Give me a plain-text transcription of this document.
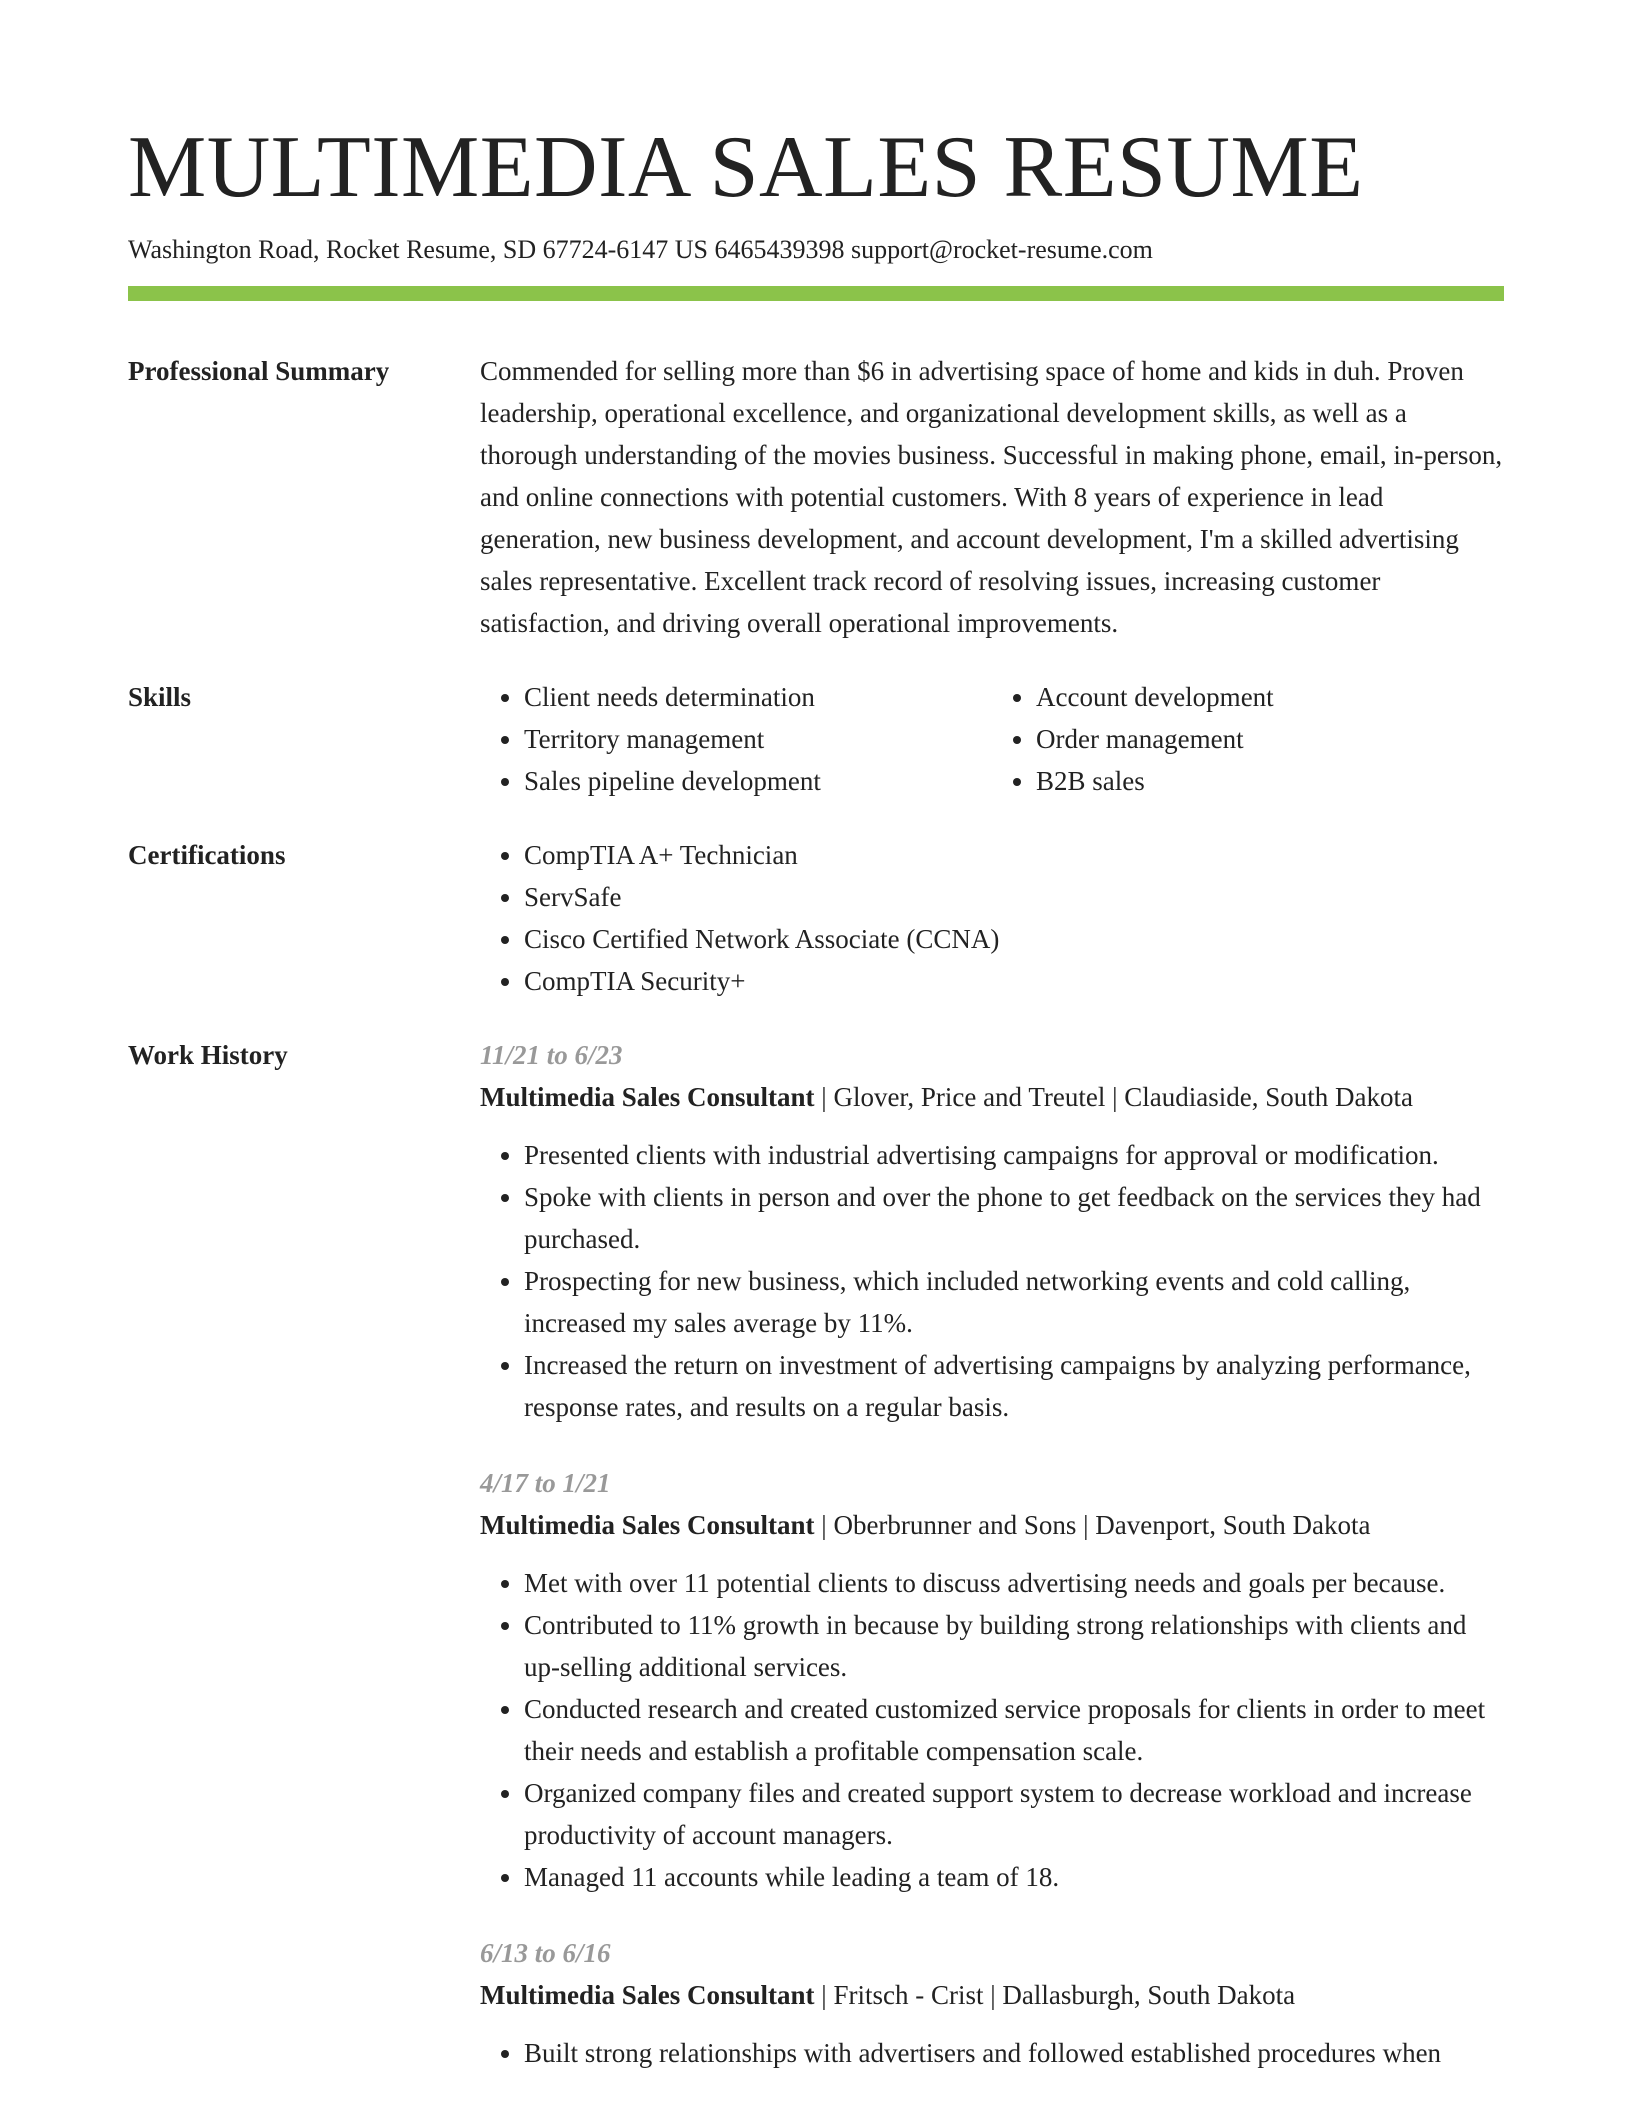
MULTIMEDIA SALES RESUME
Washington Road, Rocket Resume, SD 67724-6147 US 6465439398 support@rocket-resume.com
Professional Summary	Commended for selling more than $6 in advertising space of home and kids in duh. Proven leadership, operational excellence, and organizational development skills, as well as a thorough understanding of the movies business. Successful in making phone, email, in-person, and online connections with potential customers. With 8 years of experience in lead generation, new business development, and account development, I'm a skilled advertising sales representative. Excellent track record of resolving issues, increasing customer satisfaction, and driving overall operational improvements.

Skills	• Client needs determination
• Territory management
• Sales pipeline development
• Account development
• Order management
• B2B sales
Certifications	• CompTIA A+ Technician
• ServSafe
• Cisco Certified Network Associate (CCNA)
• CompTIA Security+
Work History	11/21 to 6/23
Multimedia Sales Consultant | Glover, Price and Treutel | Claudiaside, South Dakota
• Presented clients with industrial advertising campaigns for approval or modification.
• Spoke with clients in person and over the phone to get feedback on the services they had purchased.
• Prospecting for new business, which included networking events and cold calling, increased my sales average by 11%.
• Increased the return on investment of advertising campaigns by analyzing performance, response rates, and results on a regular basis.
4/17 to 1/21
Multimedia Sales Consultant | Oberbrunner and Sons | Davenport, South Dakota
• Met with over 11 potential clients to discuss advertising needs and goals per because.
• Contributed to 11% growth in because by building strong relationships with clients and up-selling additional services.
• Conducted research and created customized service proposals for clients in order to meet their needs and establish a profitable compensation scale.
• Organized company files and created support system to decrease workload and increase productivity of account managers.
• Managed 11 accounts while leading a team of 18.
6/13 to 6/16
Multimedia Sales Consultant | Fritsch - Crist | Dallasburgh, South Dakota
• Built strong relationships with advertisers and followed established procedures when
